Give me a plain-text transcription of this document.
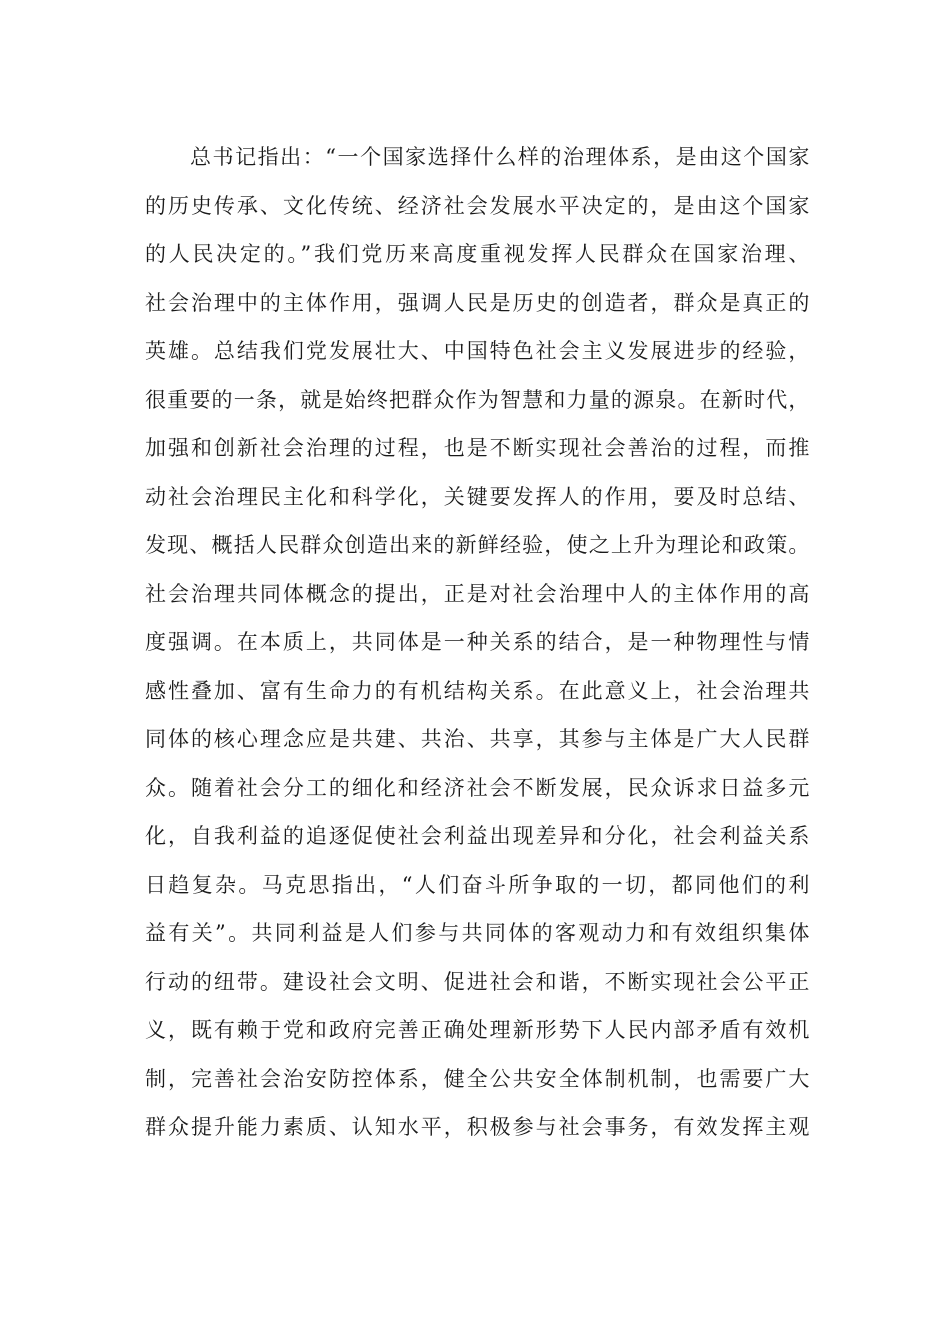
总书记指出：“一个国家选择什么样的治理体系，是由这个国家
的历史传承、文化传统、经济社会发展水平决定的，是由这个国家
的人民决定的。”我们党历来高度重视发挥人民群众在国家治理、
社会治理中的主体作用，强调人民是历史的创造者，群众是真正的
英雄。总结我们党发展壮大、中国特色社会主义发展进步的经验，
很重要的一条，就是始终把群众作为智慧和力量的源泉。在新时代，
加强和创新社会治理的过程，也是不断实现社会善治的过程，而推
动社会治理民主化和科学化，关键要发挥人的作用，要及时总结、
发现、概括人民群众创造出来的新鲜经验，使之上升为理论和政策。
社会治理共同体概念的提出，正是对社会治理中人的主体作用的高
度强调。在本质上，共同体是一种关系的结合，是一种物理性与情
感性叠加、富有生命力的有机结构关系。在此意义上，社会治理共
同体的核心理念应是共建、共治、共享，其参与主体是广大人民群
众。随着社会分工的细化和经济社会不断发展，民众诉求日益多元
化，自我利益的追逐促使社会利益出现差异和分化，社会利益关系
日趋复杂。马克思指出，“人们奋斗所争取的一切，都同他们的利
益有关”。共同利益是人们参与共同体的客观动力和有效组织集体
行动的纽带。建设社会文明、促进社会和谐，不断实现社会公平正
义，既有赖于党和政府完善正确处理新形势下人民内部矛盾有效机
制，完善社会治安防控体系，健全公共安全体制机制，也需要广大
群众提升能力素质、认知水平，积极参与社会事务，有效发挥主观
